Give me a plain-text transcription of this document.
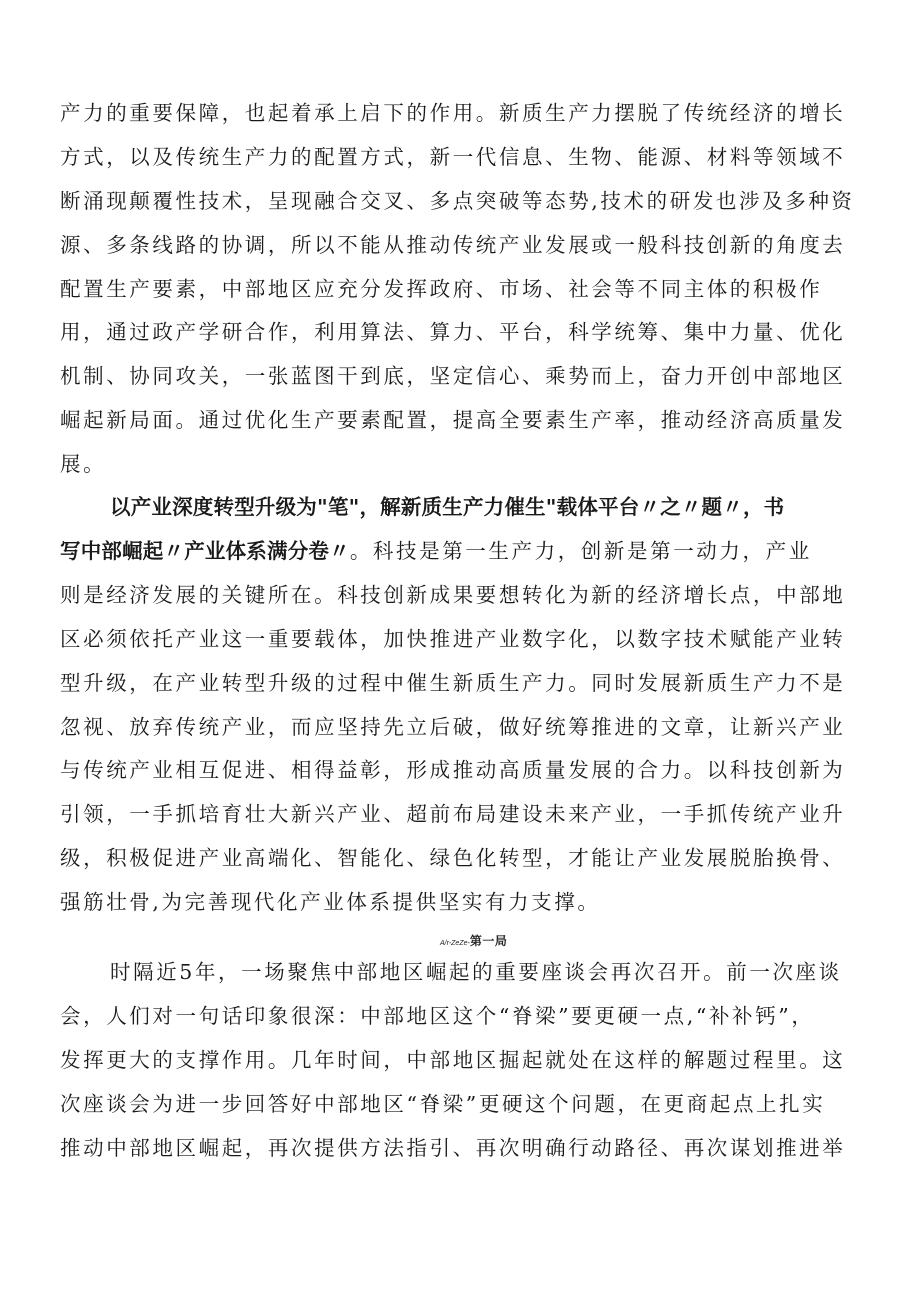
产力的重要保障，也起着承上启下的作用。新质生产力摆脱了传统经济的增长
方式，以及传统生产力的配置方式，新一代信息、生物、能源、材料等领域不
断涌现颠覆性技术，呈现融合交叉、多点突破等态势,技术的研发也涉及多种资
源、多条线路的协调，所以不能从推动传统产业发展或一般科技创新的角度去
配置生产要素，中部地区应充分发挥政府、市场、社会等不同主体的积极作
用，通过政产学研合作，利用算法、算力、平台，科学统筹、集中力量、优化
机制、协同攻关，一张蓝图干到底，坚定信心、乘势而上，奋力开创中部地区
崛起新局面。通过优化生产要素配置，提高全要素生产率，推动经济高质量发
展。
以产业深度转型升级为"笔"，解新质生产力催生"载体平台〃之〃题〃，书
写中部崛起〃产业体系满分卷〃。科技是第一生产力，创新是第一动力，产业
则是经济发展的关键所在。科技创新成果要想转化为新的经济增长点，中部地
区必须依托产业这一重要载体，加快推进产业数字化，以数字技术赋能产业转
型升级，在产业转型升级的过程中催生新质生产力。同时发展新质生产力不是
忽视、放弃传统产业，而应坚持先立后破，做好统筹推进的文章，让新兴产业
与传统产业相互促进、相得益彰，形成推动高质量发展的合力。以科技创新为
引领，一手抓培育壮大新兴产业、超前布局建设未来产业，一手抓传统产业升
级，积极促进产业高端化、智能化、绿色化转型，才能让产业发展脱胎换骨、
强筋壮骨,为完善现代化产业体系提供坚实有力支撑。
A/r-ZeZe-第一局
时隔近5年，一场聚焦中部地区崛起的重要座谈会再次召开。前一次座谈
会，人们对一句话印象很深：中部地区这个“脊梁”要更硬一点,“补补钙”，
发挥更大的支撑作用。几年时间，中部地区掘起就处在这样的解题过程里。这
次座谈会为进一步回答好中部地区“脊梁”更硬这个问题，在更商起点上扎实
推动中部地区崛起，再次提供方法指引、再次明确行动路径、再次谋划推进举
